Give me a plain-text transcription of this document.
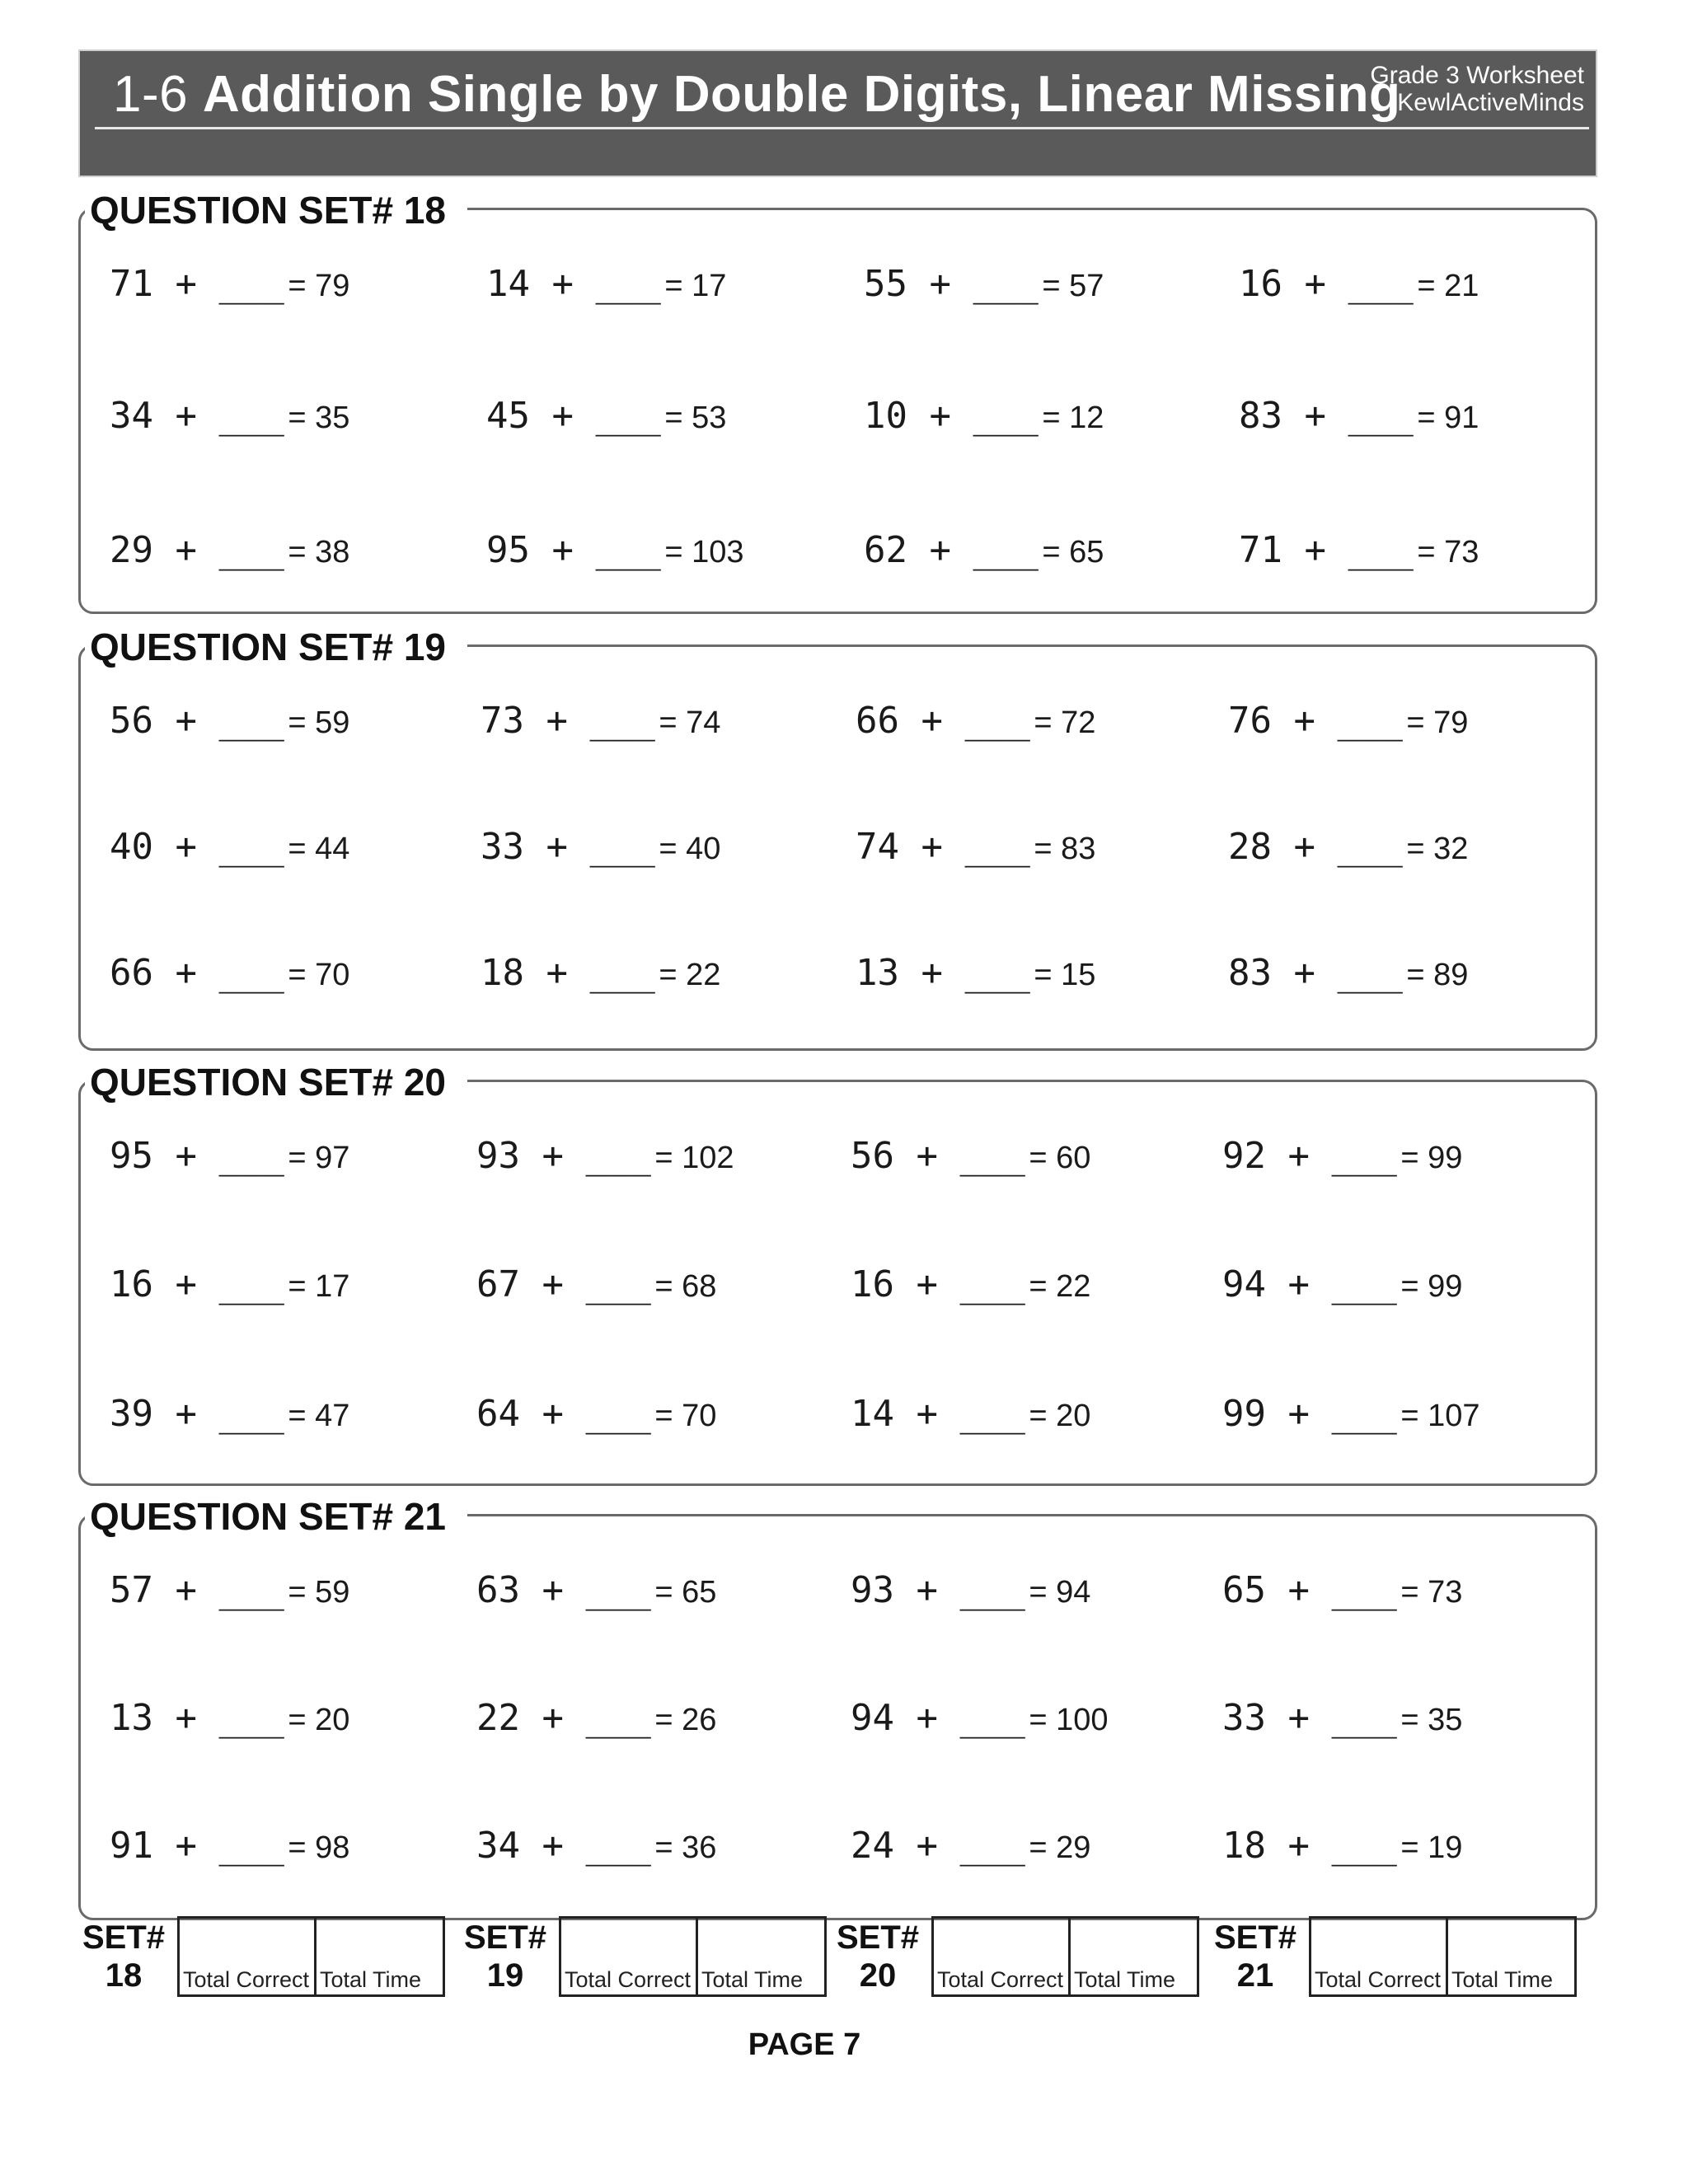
1-6 Addition Single by Double Digits, Linear Missing
Grade 3 Worksheet
KewlActiveMinds
QUESTION SET# 18
71 + ___ = 79	14 + ___ = 17	55 + ___ = 57	16 + ___ = 21
34 + ___ = 35	45 + ___ = 53	10 + ___ = 12	83 + ___ = 91
29 + ___ = 38	95 + ___ = 103	62 + ___ = 65	71 + ___ = 73
QUESTION SET# 19
56 + ___ = 59	73 + ___ = 74	66 + ___ = 72	76 + ___ = 79
40 + ___ = 44	33 + ___ = 40	74 + ___ = 83	28 + ___ = 32
66 + ___ = 70	18 + ___ = 22	13 + ___ = 15	83 + ___ = 89
QUESTION SET# 20
95 + ___ = 97	93 + ___ = 102	56 + ___ = 60	92 + ___ = 99
16 + ___ = 17	67 + ___ = 68	16 + ___ = 22	94 + ___ = 99
39 + ___ = 47	64 + ___ = 70	14 + ___ = 20	99 + ___ = 107
QUESTION SET# 21
57 + ___ = 59	63 + ___ = 65	93 + ___ = 94	65 + ___ = 73
13 + ___ = 20	22 + ___ = 26	94 + ___ = 100	33 + ___ = 35
91 + ___ = 98	34 + ___ = 36	24 + ___ = 29	18 + ___ = 19
SET#
18	Total Correct Total Time
SET#
19	Total Correct Total Time
SET#
20	Total Correct Total Time
SET#
21	Total Correct Total Time
PAGE 7
